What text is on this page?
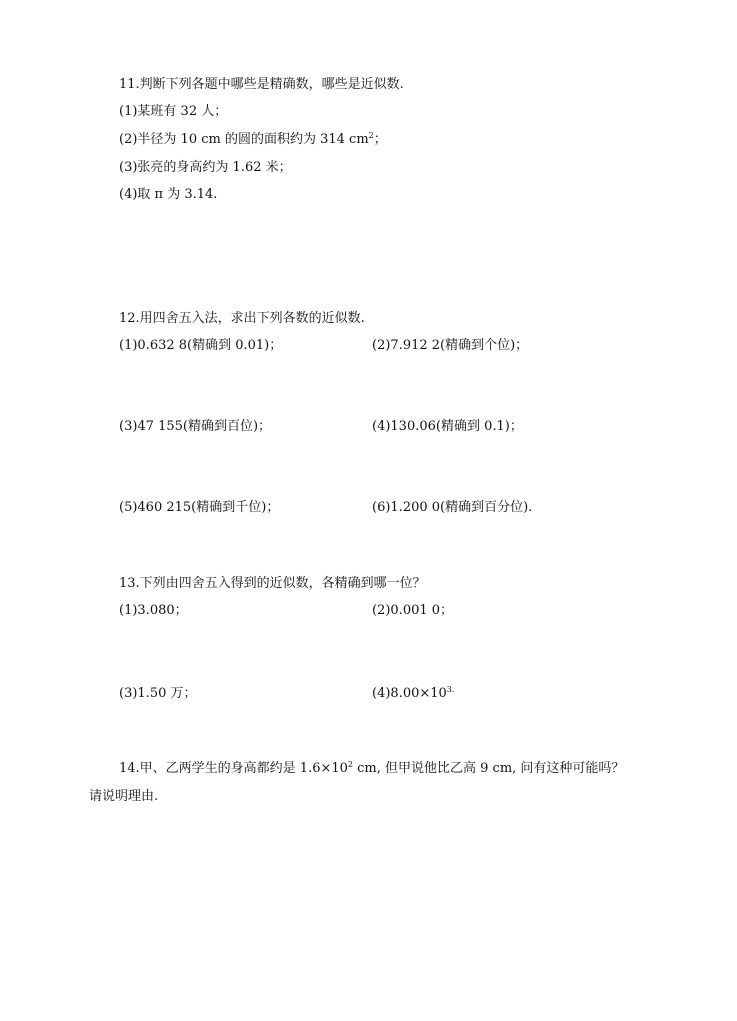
11.判断下列各题中哪些是精确数，哪些是近似数.
(1)某班有 32 人；
(2)半径为 10 cm 的圆的面积约为 314 $cm^2$；
(3)张亮的身高约为 1.62 米；
(4)取 π 为 3.14.
12.用四舍五入法，求出下列各数的近似数.
(1)0.632 8(精确到 0.01)；	(2)7.912 2(精确到个位)；
(3)47 155(精确到百位)；	(4)130.06(精确到 0.1)；
(5)460 215(精确到千位)；	(6)1.200 0(精确到百分位).
13.下列由四舍五入得到的近似数，各精确到哪一位？
(1)3.080；	(2)0.001 0；
(3)1.50 万；	$(4)8.00\times 10^{3.}$
14.甲、乙两学生的身高都约是 $1.6\times 10^2$ cm, 但甲说他比乙高 9 cm, 问有这种可能吗？
请说明理由.
